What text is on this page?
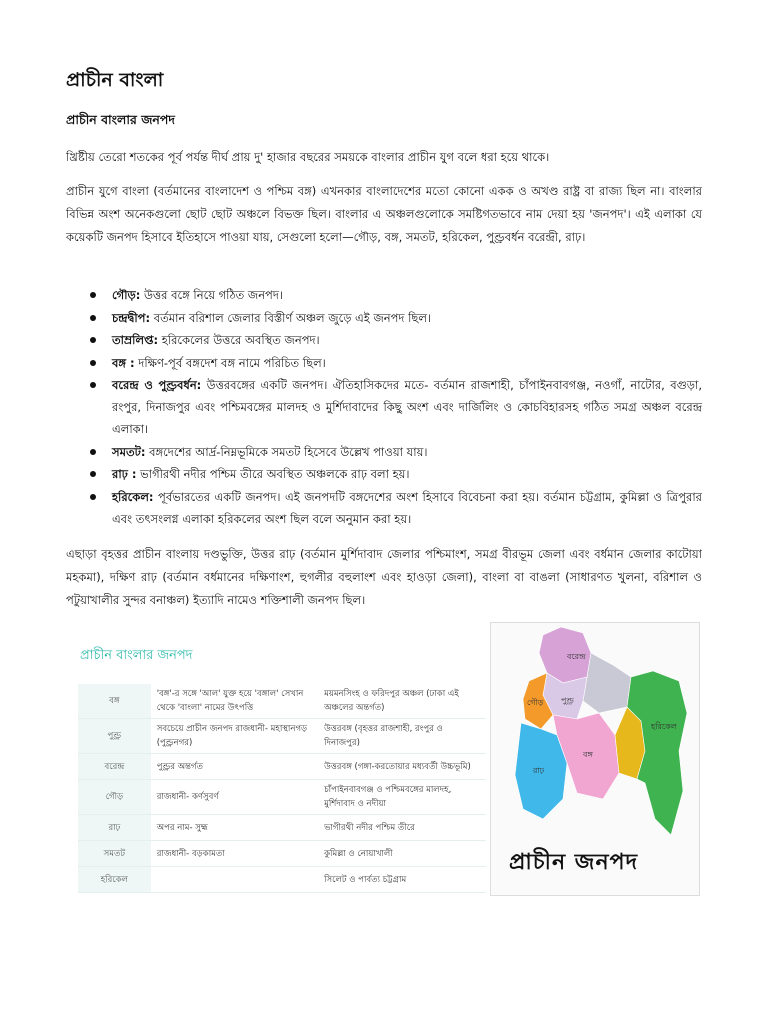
প্রাচীন বাংলা
প্রাচীন বাংলার জনপদ
খ্রিষ্টীয় তেরো শতকের পূর্ব পর্যন্ত দীর্ঘ প্রায় দু' হাজার বছরের সময়কে বাংলার প্রাচীন যুগ বলে ধরা হয়ে থাকে।
প্রাচীন যুগে বাংলা (বর্তমানের বাংলাদেশ ও পশ্চিম বঙ্গ) এখনকার বাংলাদেশের মতো কোনো একক ও অখণ্ড রাষ্ট্র বা রাজ্য ছিল না। বাংলার বিভিন্ন অংশ অনেকগুলো ছোট ছোট অঞ্চলে বিভক্ত ছিল। বাংলার এ অঞ্চলগুলোকে সমষ্টিগতভাবে নাম দেয়া হয় 'জনপদ'। এই এলাকা যে কয়েকটি জনপদ হিসাবে ইতিহাসে পাওয়া যায়, সেগুলো হলো—গৌড়, বঙ্গ, সমতট, হরিকেল, পুণ্ড্রবর্ধন বরেন্দ্রী, রাঢ়।
গৌড়: উত্তর বঙ্গে নিয়ে গঠিত জনপদ।
চন্দ্রদ্বীপ: বর্তমান বরিশাল জেলার বিস্তীর্ণ অঞ্চল জুড়ে এই জনপদ ছিল।
তাম্রলিপ্ত: হরিকেলের উত্তরে অবস্থিত জনপদ।
বঙ্গ : দক্ষিণ-পূর্ব বঙ্গদেশ বঙ্গ নামে পরিচিত ছিল।
বরেন্দ্র ও পুণ্ড্রবর্ধন: উত্তরবঙ্গের একটি জনপদ। ঐতিহাসিকদের মতে- বর্তমান রাজশাহী, চাঁপাইনবাবগঞ্জ, নওগাঁ, নাটোর, বগুড়া, রংপুর, দিনাজপুর এবং পশ্চিমবঙ্গের মালদহ ও মুর্শিদাবাদের কিছু অংশ এবং দার্জিলিং ও কোচবিহারসহ গঠিত সমগ্র অঞ্চল বরেন্দ্র এলাকা।
সমতট: বঙ্গদেশের আর্দ্র-নিম্নভূমিকে সমতট হিসেবে উল্লেখ পাওয়া যায়।
রাঢ় : ভাগীরথী নদীর পশ্চিম তীরে অবস্থিত অঞ্চলকে রাঢ় বলা হয়।
হরিকেল: পূর্বভারতের একটি জনপদ। এই জনপদটি বঙ্গদেশের অংশ হিসাবে বিবেচনা করা হয়। বর্তমান চট্টগ্রাম, কুমিল্লা ও ত্রিপুরার এবং তৎসংলগ্ন এলাকা হরিকলের অংশ ছিল বলে অনুমান করা হয়।
এছাড়া বৃহত্তর প্রাচীন বাংলায় দণ্ডভুক্তি, উত্তর রাঢ় (বর্তমান মুর্শিদাবাদ জেলার পশ্চিমাংশ, সমগ্র বীরভূম জেলা এবং বর্ধমান জেলার কাটোয়া মহকমা), দক্ষিণ রাঢ় (বর্তমান বর্ধমানের দক্ষিণাংশ, হুগলীর বহুলাংশ এবং হাওড়া জেলা), বাংলা বা বাঙলা (সাধারণত খুলনা, বরিশাল ও পটুয়াখালীর সুন্দর বনাঞ্চল) ইত্যাদি নামেও শক্তিশালী জনপদ ছিল।
প্রাচীন বাংলার জনপদ
বঙ্গ	'বঙ্গ'-র সঙ্গে 'আল' যুক্ত হয়ে 'বঙ্গাল' সেখান থেকে 'বাংলা' নামের উৎপত্তি	ময়মনসিংহ ও ফরিদপুর অঞ্চল (ঢাকা এই অঞ্চলের অন্তর্গত)
পুণ্ড্র	সবচেয়ে প্রাচীন জনপদ রাজধানী- মহাস্থানগড় (পুণ্ড্রনগর)	উত্তরবঙ্গ (বৃহত্তর রাজশাহী, রংপুর ও দিনাজপুর)
বরেন্দ্র	পুণ্ড্রর অন্তর্গত	উত্তরবঙ্গ (গঙ্গা-করতোয়ার মধ্যবর্তী উচ্চভূমি)
গৌড়	রাজধানী- কর্ণসুবর্ণ	চাঁপাইনবাবগঞ্জ ও পশ্চিমবঙ্গের মালদহ, মুর্শিদাবাদ ও নদীয়া
রাঢ়	অপর নাম- সুহ্ম	ভাগীরথী নদীর পশ্চিম তীরে
সমতট	রাজধানী- বড়কামতা	কুমিল্লা ও নোয়াখালী
হরিকেল		সিলেট ও পার্বত্য চট্টগ্রাম
বরেন্দ্র
পুণ্ড্র
গৌড়
রাঢ়
বঙ্গ
হরিকেল
প্রাচীন জনপদ
